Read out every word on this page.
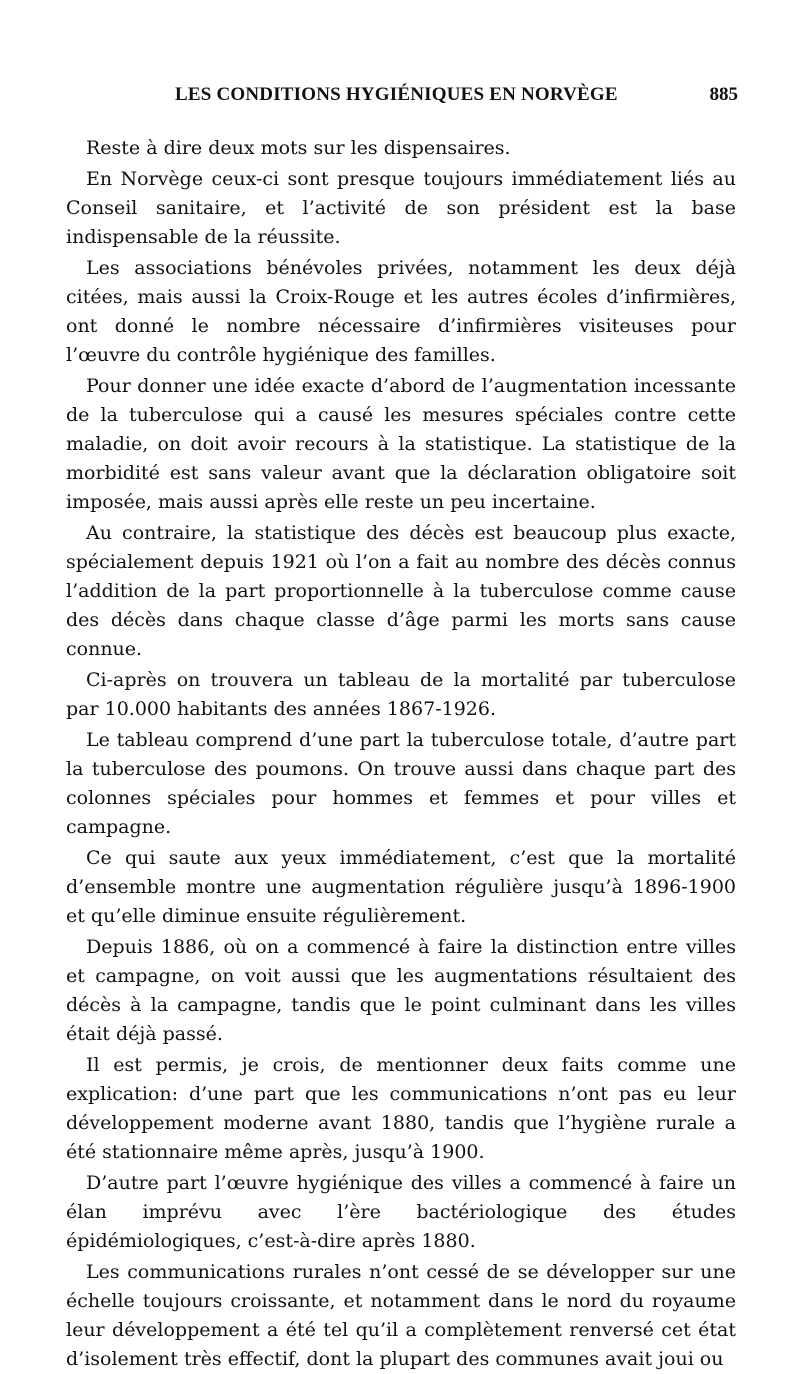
LES CONDITIONS HYGIÉNIQUES EN NORVÈGE	885

Reste à dire deux mots sur les dispensaires.

En Norvège ceux-ci sont presque toujours immédiatement liés au Conseil sanitaire, et l’activité de son président est la base indispensable de la réussite.

Les associations bénévoles privées, notamment les deux déjà citées, mais aussi la Croix-Rouge et les autres écoles d’infirmières, ont donné le nombre nécessaire d’infirmières visiteuses pour l’œuvre du contrôle hygiénique des familles.

Pour donner une idée exacte d’abord de l’augmentation incessante de la tuberculose qui a causé les mesures spéciales contre cette maladie, on doit avoir recours à la statistique. La statistique de la morbidité est sans valeur avant que la déclaration obligatoire soit imposée, mais aussi après elle reste un peu incertaine.

Au contraire, la statistique des décès est beaucoup plus exacte, spécialement depuis 1921 où l’on a fait au nombre des décès connus l’addition de la part proportionnelle à la tuberculose comme cause des décès dans chaque classe d’âge parmi les morts sans cause connue.

Ci-après on trouvera un tableau de la mortalité par tuberculose par 10.000 habitants des années 1867-1926.

Le tableau comprend d’une part la tuberculose totale, d’autre part la tuberculose des poumons. On trouve aussi dans chaque part des colonnes spéciales pour hommes et femmes et pour villes et campagne.

Ce qui saute aux yeux immédiatement, c’est que la mortalité d’ensemble montre une augmentation régulière jusqu’à 1896-1900 et qu’elle diminue ensuite régulièrement.

Depuis 1886, où on a commencé à faire la distinction entre villes et campagne, on voit aussi que les augmentations résultaient des décès à la campagne, tandis que le point culminant dans les villes était déjà passé.

Il est permis, je crois, de mentionner deux faits comme une explication: d’une part que les communications n’ont pas eu leur développement moderne avant 1880, tandis que l’hygiène rurale a été stationnaire même après, jusqu’à 1900.

D’autre part l’œuvre hygiénique des villes a commencé à faire un élan imprévu avec l’ère bactériologique des études épidémiologiques, c’est-à-dire après 1880.

Les communications rurales n’ont cessé de se développer sur une échelle toujours croissante, et notamment dans le nord du royaume leur développement a été tel qu’il a complètement renversé cet état d’isolement très effectif, dont la plupart des communes avait joui ou
